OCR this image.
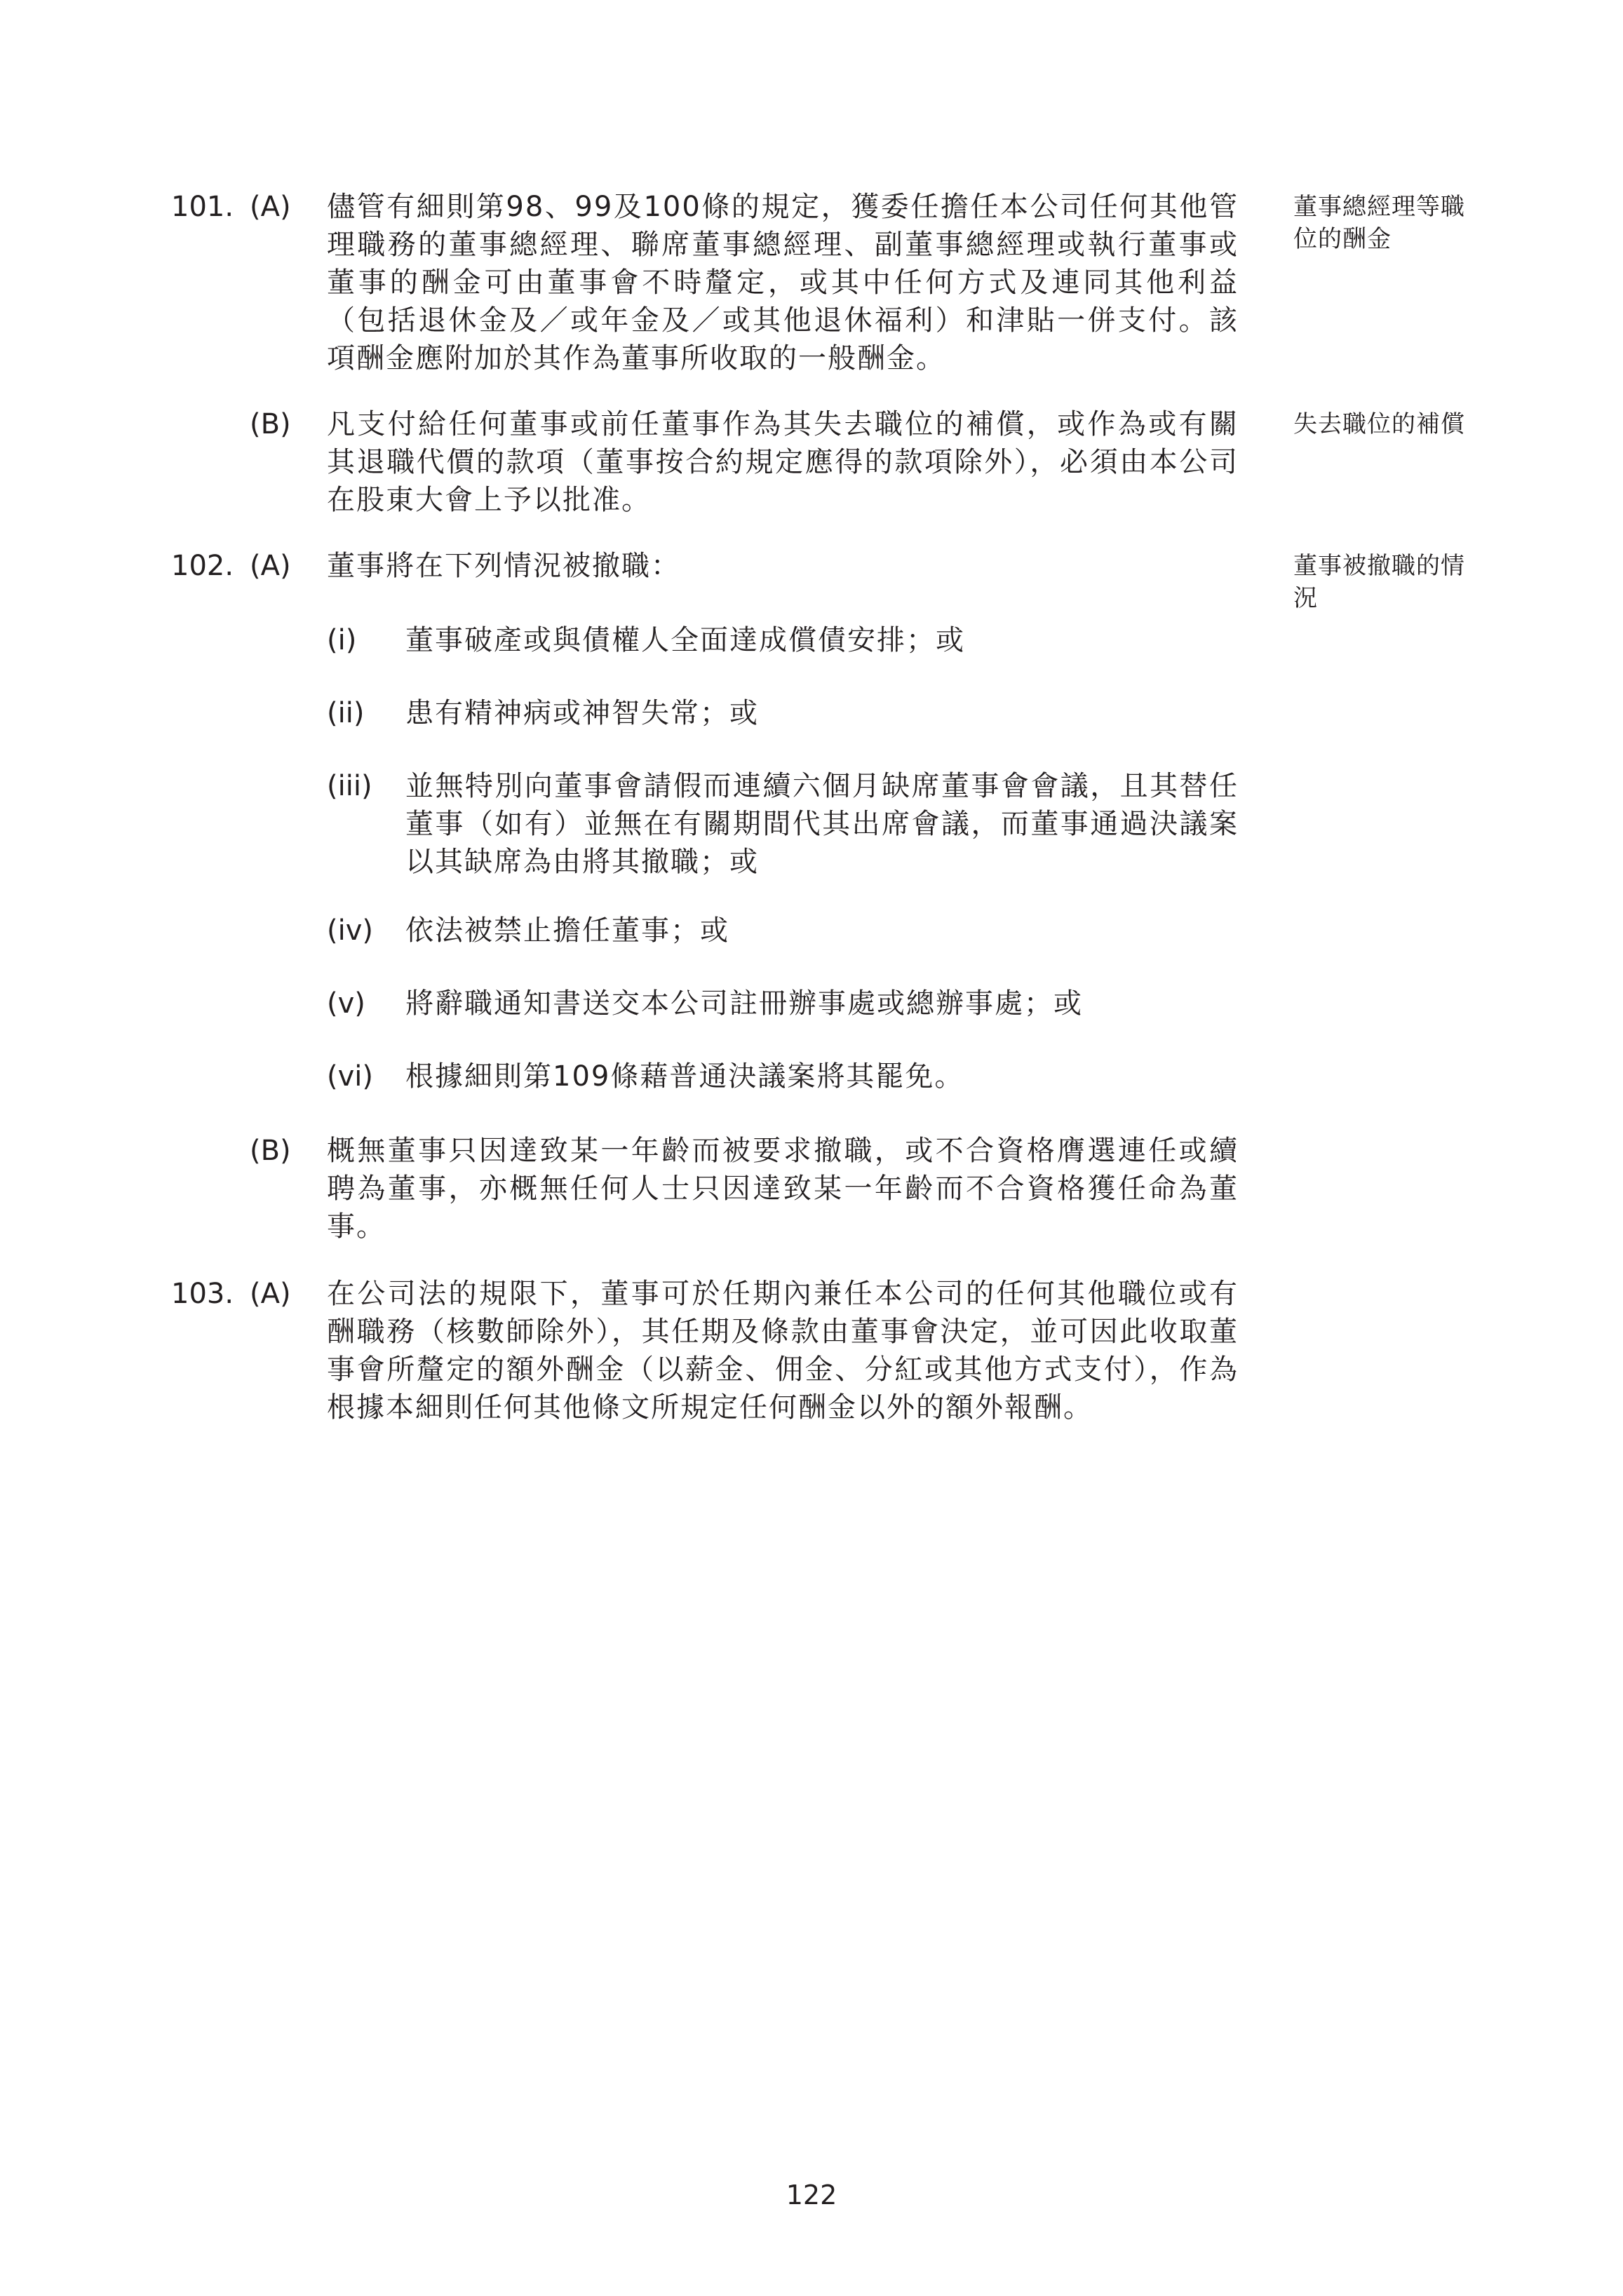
101. (A) 儘管有細則第98、99及100條的規定，獲委任擔任本公司任何其他管理職務的董事總經理、聯席董事總經理、副董事總經理或執行董事或董事的酬金可由董事會不時釐定，或其中任何方式及連同其他利益（包括退休金及／或年金及／或其他退休福利）和津貼一併支付。該項酬金應附加於其作為董事所收取的一般酬金。
董事總經理等職位的酬金
(B) 凡支付給任何董事或前任董事作為其失去職位的補償，或作為或有關其退職代價的款項（董事按合約規定應得的款項除外），必須由本公司在股東大會上予以批准。
失去職位的補償
102. (A) 董事將在下列情況被撤職：	董事被撤職的情況
(i) 董事破產或與債權人全面達成償債安排；或
(ii) 患有精神病或神智失常；或
(iii) 並無特別向董事會請假而連續六個月缺席董事會會議，且其替任董事（如有）並無在有關期間代其出席會議，而董事通過決議案以其缺席為由將其撤職；或
(iv) 依法被禁止擔任董事；或
(v) 將辭職通知書送交本公司註冊辦事處或總辦事處；或
(vi) 根據細則第109條藉普通決議案將其罷免。
(B) 概無董事只因達致某一年齡而被要求撤職，或不合資格膺選連任或續聘為董事，亦概無任何人士只因達致某一年齡而不合資格獲任命為董事。
103. (A) 在公司法的規限下，董事可於任期內兼任本公司的任何其他職位或有酬職務（核數師除外），其任期及條款由董事會決定，並可因此收取董事會所釐定的額外酬金（以薪金、佣金、分紅或其他方式支付），作為根據本細則任何其他條文所規定任何酬金以外的額外報酬。
122
